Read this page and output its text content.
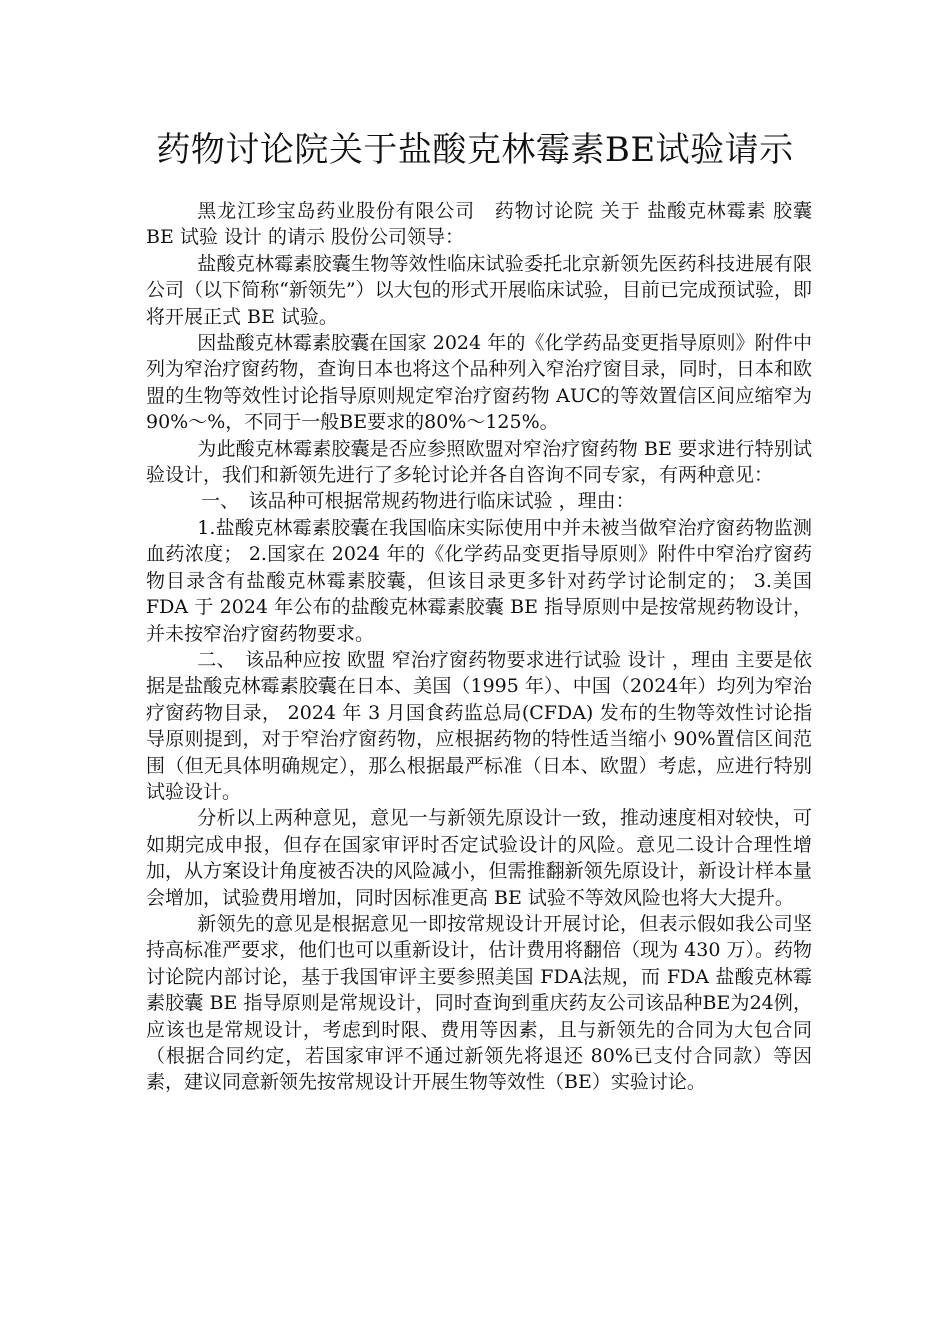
药物讨论院关于盐酸克林霉素BE试验请示

黑龙江珍宝岛药业股份有限公司　药物讨论院 关于 盐酸克林霉素 胶囊 BE 试验 设计 的请示 股份公司领导：

盐酸克林霉素胶囊生物等效性临床试验委托北京新领先医药科技进展有限公司（以下简称“新领先”）以大包的形式开展临床试验，目前已完成预试验，即将开展正式 BE 试验。

因盐酸克林霉素胶囊在国家 2024 年的《化学药品变更指导原则》附件中列为窄治疗窗药物，查询日本也将这个品种列入窄治疗窗目录，同时，日本和欧盟的生物等效性讨论指导原则规定窄治疗窗药物 AUC的等效置信区间应缩窄为90%～%，不同于一般BE要求的80%～125%。

为此酸克林霉素胶囊是否应参照欧盟对窄治疗窗药物 BE 要求进行特别试验设计，我们和新领先进行了多轮讨论并各自咨询不同专家，有两种意见：

一、　该品种可根据常规药物进行临床试验 ，理由：

1.盐酸克林霉素胶囊在我国临床实际使用中并未被当做窄治疗窗药物监测血药浓度； 2.国家在 2024 年的《化学药品变更指导原则》附件中窄治疗窗药物目录含有盐酸克林霉素胶囊，但该目录更多针对药学讨论制定的； 3.美国 FDA 于 2024 年公布的盐酸克林霉素胶囊 BE 指导原则中是按常规药物设计，并未按窄治疗窗药物要求。

二、　该品种应按 欧盟 窄治疗窗药物要求进行试验 设计 ，理由 主要是依据是盐酸克林霉素胶囊在日本、美国（1995 年）、中国（2024年）均列为窄治疗窗药物目录， 2024 年 3 月国食药监总局(CFDA) 发布的生物等效性讨论指导原则提到，对于窄治疗窗药物，应根据药物的特性适当缩小 90%置信区间范围（但无具体明确规定），那么根据最严标准（日本、欧盟）考虑，应进行特别试验设计。

分析以上两种意见，意见一与新领先原设计一致，推动速度相对较快，可如期完成申报，但存在国家审评时否定试验设计的风险。意见二设计合理性增加，从方案设计角度被否决的风险减小，但需推翻新领先原设计，新设计样本量会增加，试验费用增加，同时因标准更高 BE 试验不等效风险也将大大提升。

新领先的意见是根据意见一即按常规设计开展讨论，但表示假如我公司坚持高标准严要求，他们也可以重新设计，估计费用将翻倍（现为 430 万）。药物讨论院内部讨论，基于我国审评主要参照美国 FDA法规，而 FDA 盐酸克林霉素胶囊 BE 指导原则是常规设计，同时查询到重庆药友公司该品种BE为24例，应该也是常规设计，考虑到时限、费用等因素，且与新领先的合同为大包合同（根据合同约定，若国家审评不通过新领先将退还 80%已支付合同款）等因素，建议同意新领先按常规设计开展生物等效性（BE）实验讨论。
